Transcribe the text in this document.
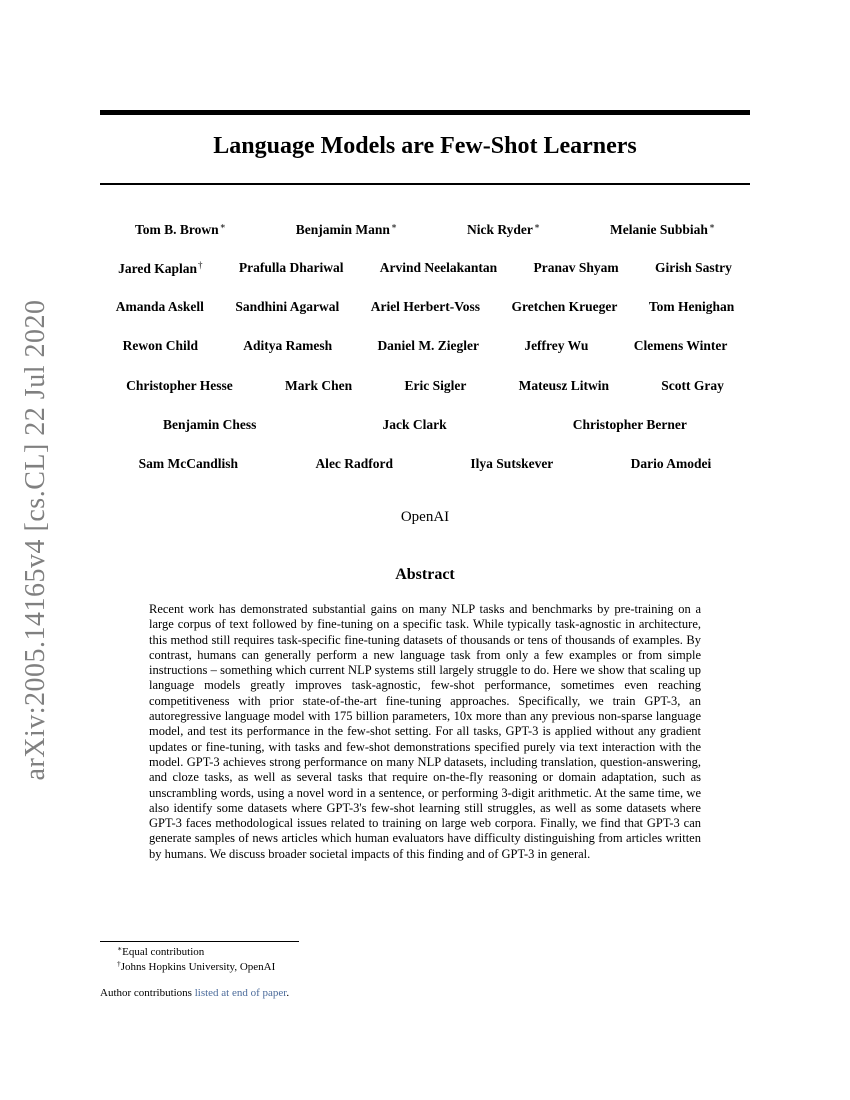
arXiv:2005.14165v4 [cs.CL] 22 Jul 2020
Language Models are Few-Shot Learners
Tom B. Brown∗	Benjamin Mann∗	Nick Ryder∗	Melanie Subbiah∗
Jared Kaplan†	Prafulla Dhariwal	Arvind Neelakantan	Pranav Shyam	Girish Sastry
Amanda Askell Sandhini Agarwal Ariel Herbert-Voss Gretchen Krueger Tom Henighan
Rewon Child	Aditya Ramesh	Daniel M. Ziegler	Jeffrey Wu	Clemens Winter
Christopher Hesse	Mark Chen	Eric Sigler	Mateusz Litwin	Scott Gray
Benjamin Chess	Jack Clark	Christopher Berner
Sam McCandlish	Alec Radford	Ilya Sutskever	Dario Amodei
OpenAI
Abstract

Recent work has demonstrated substantial gains on many NLP tasks and benchmarks by pre-training on a large corpus of text followed by fine-tuning on a specific task. While typically task-agnostic in architecture, this method still requires task-specific fine-tuning datasets of thousands or tens of thousands of examples. By contrast, humans can generally perform a new language task from only a few examples or from simple instructions – something which current NLP systems still largely struggle to do. Here we show that scaling up language models greatly improves task-agnostic, few-shot performance, sometimes even reaching competitiveness with prior state-of-the-art fine-tuning approaches. Specifically, we train GPT-3, an autoregressive language model with 175 billion parameters, 10x more than any previous non-sparse language model, and test its performance in the few-shot setting. For all tasks, GPT-3 is applied without any gradient updates or fine-tuning, with tasks and few-shot demonstrations specified purely via text interaction with the model. GPT-3 achieves strong performance on many NLP datasets, including translation, question-answering, and cloze tasks, as well as several tasks that require on-the-fly reasoning or domain adaptation, such as unscrambling words, using a novel word in a sentence, or performing 3-digit arithmetic. At the same time, we also identify some datasets where GPT-3's few-shot learning still struggles, as well as some datasets where GPT-3 faces methodological issues related to training on large web corpora. Finally, we find that GPT-3 can generate samples of news articles which human evaluators have difficulty distinguishing from articles written by humans. We discuss broader societal impacts of this finding and of GPT-3 in general.

∗Equal contribution
†Johns Hopkins University, OpenAI
Author contributions listed at end of paper.
